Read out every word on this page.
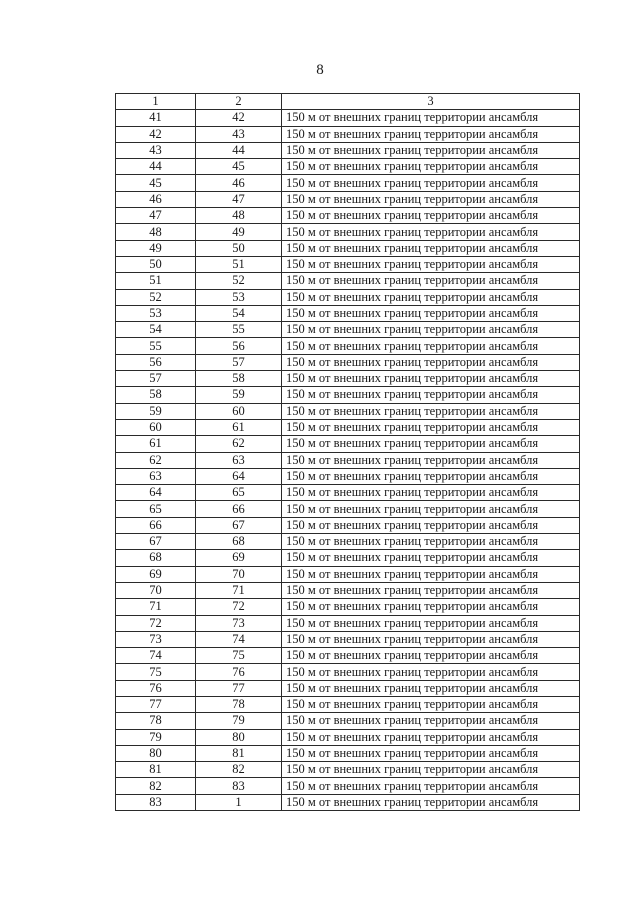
8
1	2	3
41	42	150 м от внешних границ территории ансамбля
42	43	150 м от внешних границ территории ансамбля
43	44	150 м от внешних границ территории ансамбля
44	45	150 м от внешних границ территории ансамбля
45	46	150 м от внешних границ территории ансамбля
46	47	150 м от внешних границ территории ансамбля
47	48	150 м от внешних границ территории ансамбля
48	49	150 м от внешних границ территории ансамбля
49	50	150 м от внешних границ территории ансамбля
50	51	150 м от внешних границ территории ансамбля
51	52	150 м от внешних границ территории ансамбля
52	53	150 м от внешних границ территории ансамбля
53	54	150 м от внешних границ территории ансамбля
54	55	150 м от внешних границ территории ансамбля
55	56	150 м от внешних границ территории ансамбля
56	57	150 м от внешних границ территории ансамбля
57	58	150 м от внешних границ территории ансамбля
58	59	150 м от внешних границ территории ансамбля
59	60	150 м от внешних границ территории ансамбля
60	61	150 м от внешних границ территории ансамбля
61	62	150 м от внешних границ территории ансамбля
62	63	150 м от внешних границ территории ансамбля
63	64	150 м от внешних границ территории ансамбля
64	65	150 м от внешних границ территории ансамбля
65	66	150 м от внешних границ территории ансамбля
66	67	150 м от внешних границ территории ансамбля
67	68	150 м от внешних границ территории ансамбля
68	69	150 м от внешних границ территории ансамбля
69	70	150 м от внешних границ территории ансамбля
70	71	150 м от внешних границ территории ансамбля
71	72	150 м от внешних границ территории ансамбля
72	73	150 м от внешних границ территории ансамбля
73	74	150 м от внешних границ территории ансамбля
74	75	150 м от внешних границ территории ансамбля
75	76	150 м от внешних границ территории ансамбля
76	77	150 м от внешних границ территории ансамбля
77	78	150 м от внешних границ территории ансамбля
78	79	150 м от внешних границ территории ансамбля
79	80	150 м от внешних границ территории ансамбля
80	81	150 м от внешних границ территории ансамбля
81	82	150 м от внешних границ территории ансамбля
82	83	150 м от внешних границ территории ансамбля
83	1	150 м от внешних границ территории ансамбля
